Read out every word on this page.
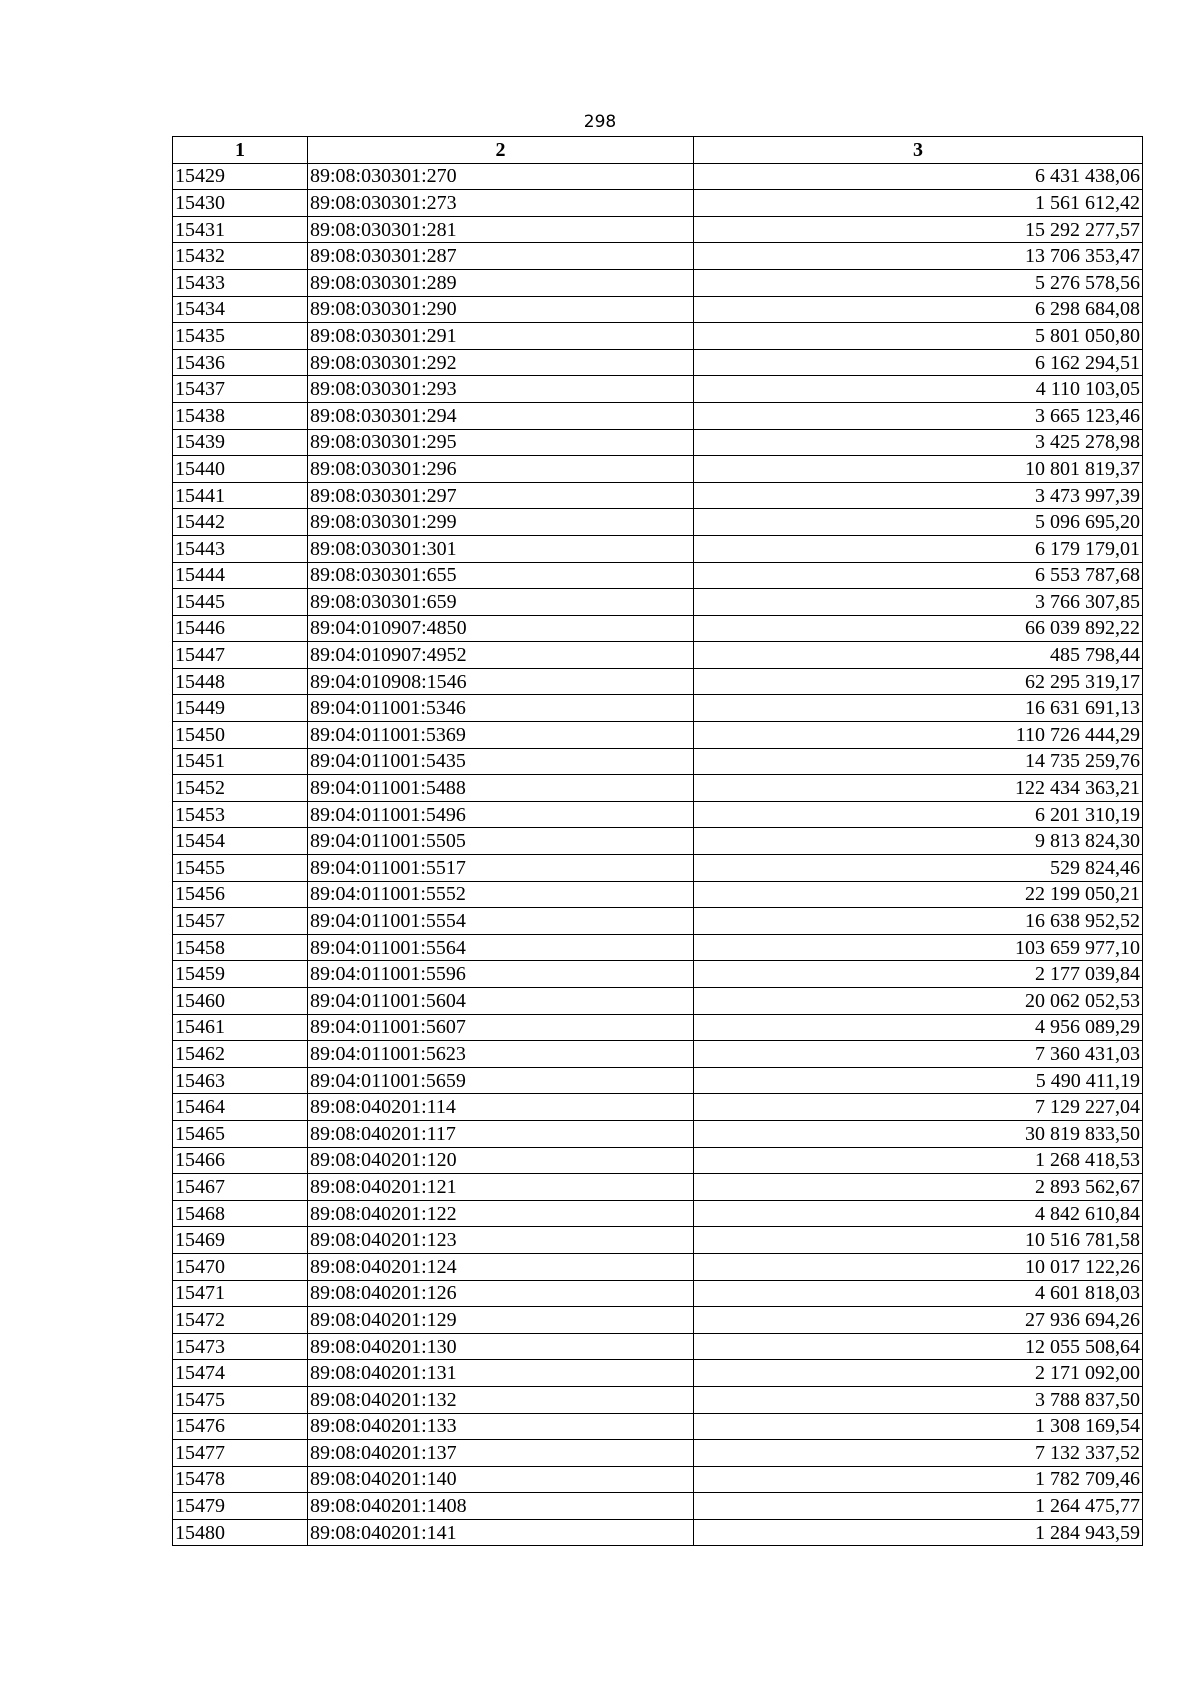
298
1	2	3
15429	89:08:030301:270	6 431 438,06
15430	89:08:030301:273	1 561 612,42
15431	89:08:030301:281	15 292 277,57
15432	89:08:030301:287	13 706 353,47
15433	89:08:030301:289	5 276 578,56
15434	89:08:030301:290	6 298 684,08
15435	89:08:030301:291	5 801 050,80
15436	89:08:030301:292	6 162 294,51
15437	89:08:030301:293	4 110 103,05
15438	89:08:030301:294	3 665 123,46
15439	89:08:030301:295	3 425 278,98
15440	89:08:030301:296	10 801 819,37
15441	89:08:030301:297	3 473 997,39
15442	89:08:030301:299	5 096 695,20
15443	89:08:030301:301	6 179 179,01
15444	89:08:030301:655	6 553 787,68
15445	89:08:030301:659	3 766 307,85
15446	89:04:010907:4850	66 039 892,22
15447	89:04:010907:4952	485 798,44
15448	89:04:010908:1546	62 295 319,17
15449	89:04:011001:5346	16 631 691,13
15450	89:04:011001:5369	110 726 444,29
15451	89:04:011001:5435	14 735 259,76
15452	89:04:011001:5488	122 434 363,21
15453	89:04:011001:5496	6 201 310,19
15454	89:04:011001:5505	9 813 824,30
15455	89:04:011001:5517	529 824,46
15456	89:04:011001:5552	22 199 050,21
15457	89:04:011001:5554	16 638 952,52
15458	89:04:011001:5564	103 659 977,10
15459	89:04:011001:5596	2 177 039,84
15460	89:04:011001:5604	20 062 052,53
15461	89:04:011001:5607	4 956 089,29
15462	89:04:011001:5623	7 360 431,03
15463	89:04:011001:5659	5 490 411,19
15464	89:08:040201:114	7 129 227,04
15465	89:08:040201:117	30 819 833,50
15466	89:08:040201:120	1 268 418,53
15467	89:08:040201:121	2 893 562,67
15468	89:08:040201:122	4 842 610,84
15469	89:08:040201:123	10 516 781,58
15470	89:08:040201:124	10 017 122,26
15471	89:08:040201:126	4 601 818,03
15472	89:08:040201:129	27 936 694,26
15473	89:08:040201:130	12 055 508,64
15474	89:08:040201:131	2 171 092,00
15475	89:08:040201:132	3 788 837,50
15476	89:08:040201:133	1 308 169,54
15477	89:08:040201:137	7 132 337,52
15478	89:08:040201:140	1 782 709,46
15479	89:08:040201:1408	1 264 475,77
15480	89:08:040201:141	1 284 943,59
